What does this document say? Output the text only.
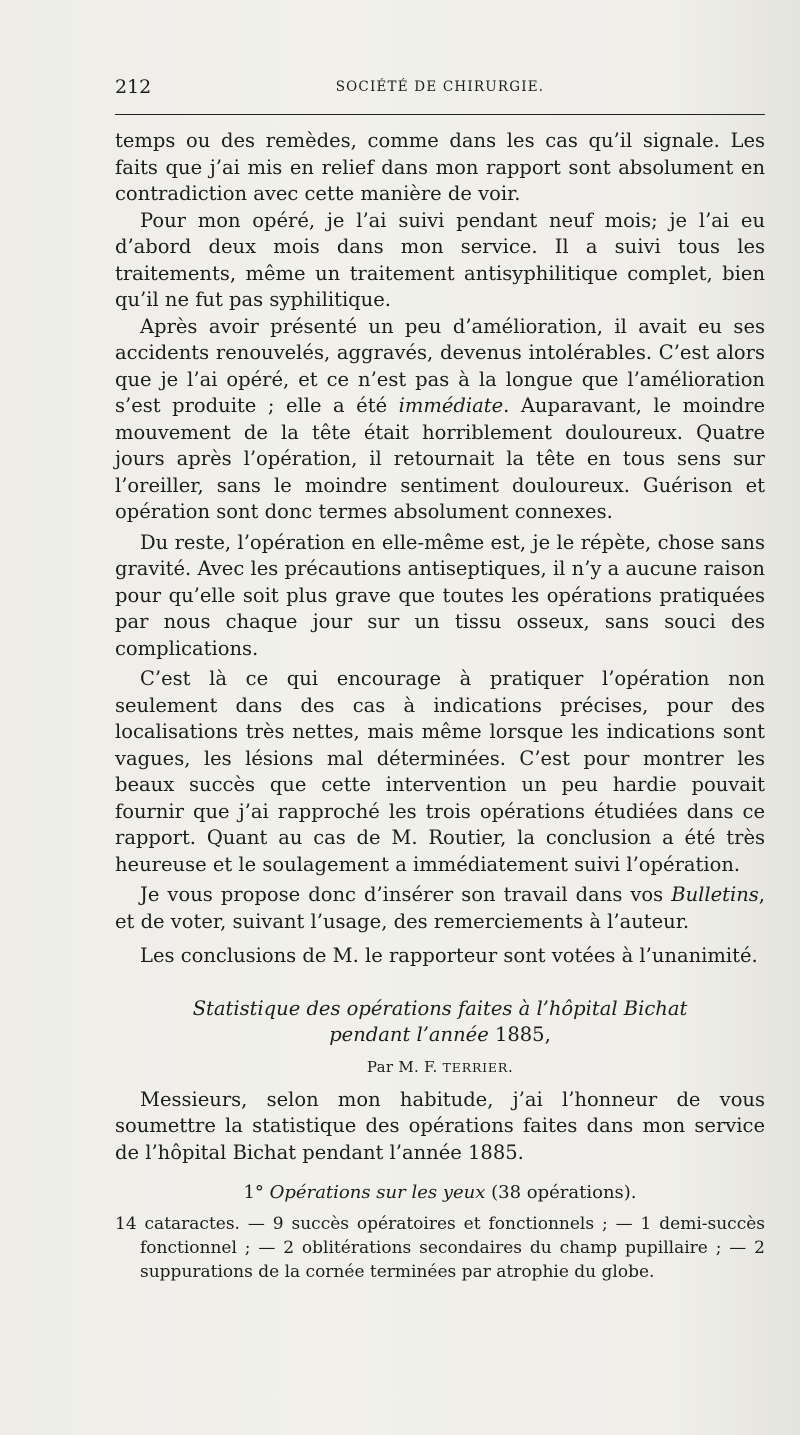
212	SOCIÉTÉ DE CHIRURGIE.

temps ou des remèdes, comme dans les cas qu’il signale. Les faits que j’ai mis en relief dans mon rapport sont absolument en contradiction avec cette manière de voir.

Pour mon opéré, je l’ai suivi pendant neuf mois; je l’ai eu d’abord deux mois dans mon service. Il a suivi tous les traitements, même un traitement antisyphilitique complet, bien qu’il ne fut pas syphilitique.

Après avoir présenté un peu d’amélioration, il avait eu ses accidents renouvelés, aggravés, devenus intolérables. C’est alors que je l’ai opéré, et ce n’est pas à la longue que l’amélioration s’est produite ; elle a été immédiate. Auparavant, le moindre mouvement de la tête était horriblement douloureux. Quatre jours après l’opération, il retournait la tête en tous sens sur l’oreiller, sans le moindre sentiment douloureux. Guérison et opération sont donc termes absolument connexes.

Du reste, l’opération en elle-même est, je le répète, chose sans gravité. Avec les précautions antiseptiques, il n’y a aucune raison pour qu’elle soit plus grave que toutes les opérations pratiquées par nous chaque jour sur un tissu osseux, sans souci des complications.

C’est là ce qui encourage à pratiquer l’opération non seulement dans des cas à indications précises, pour des localisations très nettes, mais même lorsque les indications sont vagues, les lésions mal déterminées. C’est pour montrer les beaux succès que cette intervention un peu hardie pouvait fournir que j’ai rapproché les trois opérations étudiées dans ce rapport. Quant au cas de M. Routier, la conclusion a été très heureuse et le soulagement a immédiatement suivi l’opération.

Je vous propose donc d’insérer son travail dans vos Bulletins, et de voter, suivant l’usage, des remerciements à l’auteur.

Les conclusions de M. le rapporteur sont votées à l’unanimité.

Statistique des opérations faites à l’hôpital Bichat
pendant l’année 1885,
Par M. F. TERRIER.

Messieurs, selon mon habitude, j’ai l’honneur de vous soumettre la statistique des opérations faites dans mon service de l’hôpital Bichat pendant l’année 1885.

1° Opérations sur les yeux (38 opérations).
14 cataractes. — 9 succès opératoires et fonctionnels ; — 1 demi-succès fonctionnel ; — 2 oblitérations secondaires du champ pupillaire ; — 2 suppurations de la cornée terminées par atrophie du globe.
